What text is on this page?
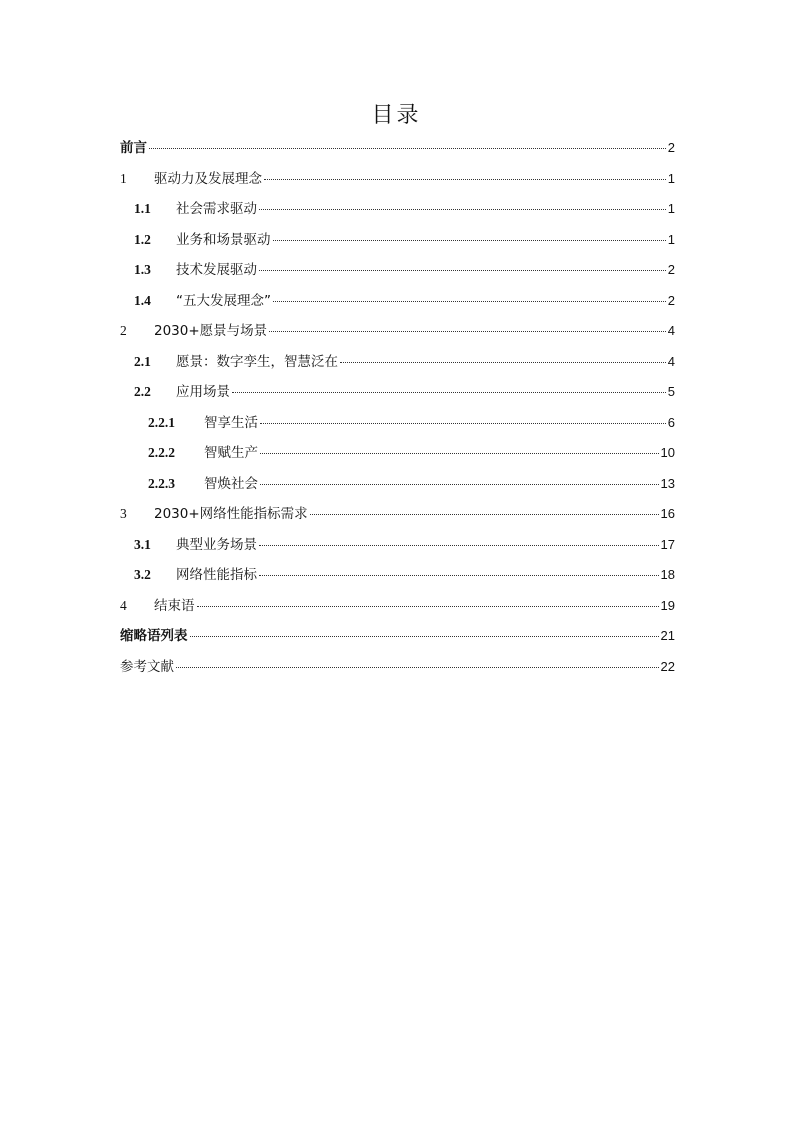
目录
前言	2
1	驱动力及发展理念	1
1.1	社会需求驱动	1
1.2	业务和场景驱动	1
1.3	技术发展驱动	2
1.4	“五大发展理念”	2
2	2030+愿景与场景	4
2.1	愿景：数字孪生，智慧泛在	4
2.2	应用场景	5
2.2.1	智享生活	6
2.2.2	智赋生产	10
2.2.3	智焕社会	13
3	2030+网络性能指标需求	16
3.1	典型业务场景	17
3.2	网络性能指标	18
4	结束语	19
缩略语列表	21
参考文献	22
